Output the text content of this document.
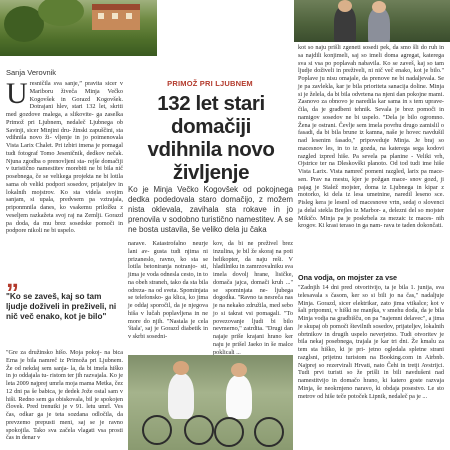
Sanja Verovnik
PRIMOŽ PRI LJUBNEM
132 let stari domačiji vdihnila novo življenje
Ko je Minja Večko Kogovšek od pokojnega dedka podedovala staro domačijo, z možem nista oklevala, zavihala sta rokave in jo prenovila v sodobno turistično namestitev. A se ne bosta ustavila, še veliko dela ju čaka
Uresničila sva sanje,” pravita sicer v Mariboru živeča Minja Večko Kogovšek in Gorazd Kogovšek. Dotrajani hlev, stari 132 let, skriti med gozdove malega, a slikovite- ga zaselka Primož pri Ljubnem, nedaleč Ljubnega ob Savinji, sicer Minjini dru- žinski zapuščini, sta vdihnila novo ži- vljenje in jo poimenovala Vista Larix Chalet. Pri izbiri imena je pomagal tudi fotograf Tomo Jeseničnik, dedkov nečak. Njuna zgodba o prenovljeni sta- rejše domačiji v turistično namestitev morebiti ne bi bila nič posebnega, če se velikega projekta ne bi lotila sama ob veliki podpori sosedov, prijateljev in lokalnih mojstrov. Ko sta videla svojim sanjam, si upala, predvsem pa vztrajala, priponmnila danes, ko vsakemu priložku z veseljem razkažeta svoj raj na Zemlji. Gorazd pa doda, da mu brez sosedske pomoči in podpore nikoli ne bi uspelo.
„
"Ko se zaveš, kaj so tam ljudje doživeli in preživeli, ni nič več enako, kot je bilo"
"Gre za družinsko hišo. Moja pokoj- na bica Erna je bila namreč iz Primoža pri Ljubnem. Že od nekdaj sem sanja- la, da bi imela hiško in jo oddajala tu- ristom ter jih razvajala. Ko je leta 2009 najprej umrla moja mama Metka, čez 12 dni pa še babica, je dedek Jože ostal sam v hiši. Redno sem ga obiskovala, bil je spokojen človek. Pred trenutki je v 91. letu umrl. Ves čas, odkar ga je teta sozdana odločila, da prevzemo prepusti meni, saj se je ravno spokojila. Tako sva začela vlagati vsa prosti čas in denar v
narave. Katastrofalno neurje lani av- gusta tudi njima ni prizaneslo, ravno, ko sta se lotila betoniranja notranjo- sti, jima je voda odnesla cesto, in to na obeh straneh, tako da sta bila odreza- na od sveta. Spominjata se telefonsko- ga klica, ko jima je oddaj sporočil, da je njegova hiša v lučah poplavljena in ne more do njih. "Nastala je cela 'štala', saj je Gorazd diabetik in v skrbi sosedni-
kov, da bi ne preživel brez inzulina, je bil že skoraj na poti helikopter, da naju reši. V hladilniku in zamrzovalniku sva imela dovolj hrane, lisičke, domača jajca, domači kruh ..." se spominjata ne- ljubega dogodka. "Ravno ta nesreča nas je na nekako združila, med sebo jo si takrat vsi pomagali. "To povezovanje ljudi bi bilo nevmerno," zatrdita. "Drugi dan najaje priše krajani hrano ker naju je prišel Jaeko in še malce poklicali ...
kot so naju prišli zgeneti sosedi pek, da smo šli do ruh in sa najdili konjimeli, saj so imeli doma agregat, katerega sva si vsa po poplavah nabavila. Ko se zaveš, kaj so tam ljudje doživeli in preživeli, ni nič več enako, kot je bilo." Poplave ju nisu omajale, da prenove ne bi nadaljevala. Se je pa zavlekla, kar je bila prioriteta sanacija doline. Minja si je želela, da bi bila odvrtena na njeni dan pokojne mami. Zasnovo za obnovo je naredila kar sama in s tem uprave- čila, da je gradbeni tehnik. Sevala je brez pomoči in namigov sosedov ne bi uspelo. "Dela je bilo ogromno. Žena je ostrani. Čevlje sem imela povrhu drugo zamislil o fasadi, da bi bila brune iz kamna, naše je hovec navdušil nad lesenim fasado," pripoveduje Minja. Je braj so macesnov les, in to iz gozda, na katerega sega kodovi razgled izpred hiše. Pa sevela pa planine - Veliki vrh, Ojstrice ter na Dleskovški planoto. Od tod tudi ime hiše Vista Larix. Vista namreč pomeni razgled, larix pa mace- sen. Prav na mestu, kjer je požgan mace- snov gozd, ji pajag je Stalež mojster, doma iz Ljubnega in kipar z motorko, ki dela iz lesa umetnine, naredil leseno sce. Pisleg kera je lesenl od macesnove vrtn, sedaj o slovenci ja delal stekla Brejles iz Marbor- a, delezni del so mojster Mikičo. Minja pa je poskrbela za mezaic iz maces- nih krogov. Ki krasi teraso in ga nam- rava te taden dokončati.
Ona vodja, on mojster za vse
"Zadnjih 14 dni pred otvoritvijo, ta je bila 1. junija, sva telesavala s časom, ker so si bili jo na čas," nadaljuje Minja. Gorazd, sicer elektrikar, zato jima vtikalce; kot v šali pripomni, v hiški ne manjka, v smehu doda, da je bila Minja vodja na gradbišču, on pa "najemni delavec", a jima je skupaj ob pomoči številnih sosedov, prijateljev, lokalnih obrtnikov in drugih uspelo neverjetno. Tudi otvoritev je bila nekaj posebnega, trajala je kar tri dni. Že kmalu za tem sta hiško, ki je pri- jetno ogledala spletne strani razglsni, prijetnu turistom na Booking.com in Airbnb. Najprej so rezervirali Hrvati, nato Čehi in tretji Avstrijci. Tudi prvi turisti so že prišli in bili navdušeni nad namestitvijo in domačo hrano, ki katero goste razvaja Minja, še neokrnjeno naravo, ki obdaja posestvo. Le sto metrov od hiše teče potoček Lipnik, nedaleč pa je ...
